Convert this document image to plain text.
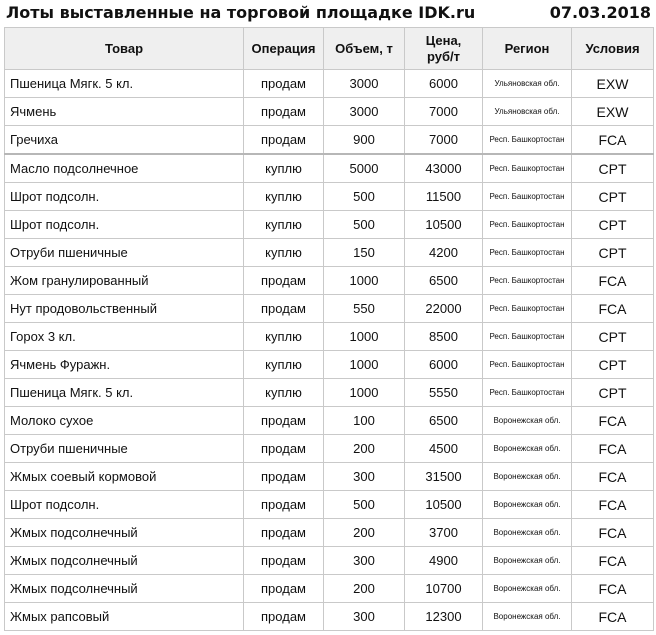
Лоты выставленные на торговой площадке IDK.ru	07.03.2018
Товар	Операция	Объем, т	Цена,
руб/т	Регион	Условия
Пшеница Мягк. 5 кл.	продам	3000	6000	Ульяновская обл.	EXW
Ячмень	продам	3000	7000	Ульяновская обл.	EXW
Гречиха	продам	900	7000	Респ. Башкортостан	FCA
Масло подсолнечное	куплю	5000	43000	Респ. Башкортостан	CPT
Шрот подсолн.	куплю	500	11500	Респ. Башкортостан	CPT
Шрот подсолн.	куплю	500	10500	Респ. Башкортостан	CPT
Отруби пшеничные	куплю	150	4200	Респ. Башкортостан	CPT
Жом гранулированный	продам	1000	6500	Респ. Башкортостан	FCA
Нут продовольственный	продам	550	22000	Респ. Башкортостан	FCA
Горох 3 кл.	куплю	1000	8500	Респ. Башкортостан	CPT
Ячмень Фуражн.	куплю	1000	6000	Респ. Башкортостан	CPT
Пшеница Мягк. 5 кл.	куплю	1000	5550	Респ. Башкортостан	CPT
Молоко сухое	продам	100	6500	Воронежская обл.	FCA
Отруби пшеничные	продам	200	4500	Воронежская обл.	FCA
Жмых соевый кормовой	продам	300	31500	Воронежская обл.	FCA
Шрот подсолн.	продам	500	10500	Воронежская обл.	FCA
Жмых подсолнечный	продам	200	3700	Воронежская обл.	FCA
Жмых подсолнечный	продам	300	4900	Воронежская обл.	FCA
Жмых подсолнечный	продам	200	10700	Воронежская обл.	FCA
Жмых рапсовый	продам	300	12300	Воронежская обл.	FCA
